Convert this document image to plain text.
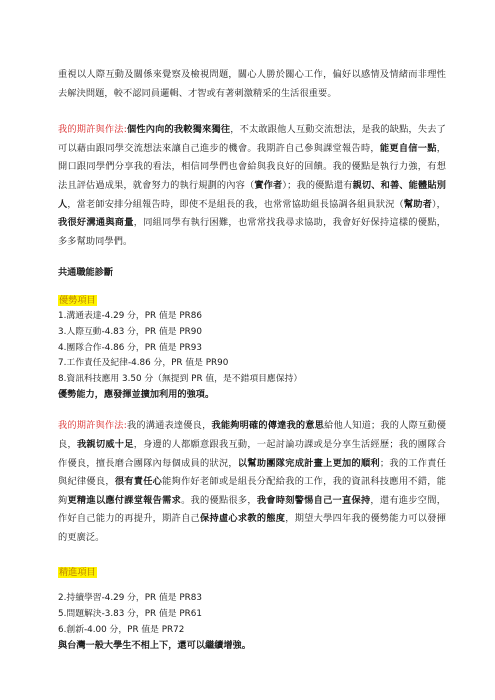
重視以人際互動及關係來覺察及檢視問題，關心人勝於關心工作，偏好以感情及情緒而非理性去解決問題，較不認同員邏輯、才智或有著刺激精采的生活很重要。

我的期許與作法:個性內向的我較獨來獨往，不太敢跟他人互動交流想法，是我的缺點，失去了可以藉由跟同學交流想法來讓自己進步的機會。我期許自己參與課堂報告時，能更自信一點，開口跟同學們分享我的看法，相信同學們也會給與我良好的回饋。我的優點是執行力強，有想法且評估過成果，就會努力的執行規劃的內容（實作者）；我的優點還有親切、和善、能體貼別人，當老師安排分組報告時，即使不是組長的我，也常常協助組長協調各組員狀況（幫助者），我很好溝通與商量，同組同學有執行困難，也常常找我尋求協助，我會好好保持這樣的優點，多多幫助同學們。

共通職能診斷

優勢項目

1.溝通表達-4.29 分，PR 值是 PR86
3.人際互動-4.83 分，PR 值是 PR90
4.團隊合作-4.86 分，PR 值是 PR93
7.工作責任及紀律-4.86 分，PR 值是 PR90
8.資訊科技應用 3.50 分（無提到 PR 值，是不錯項目應保持）

優勢能力，應發揮並擴加利用的強項。

我的期許與作法:我的溝通表達優良，我能夠明確的傳達我的意思給他人知道；我的人際互動優良，我親切威十足，身邊的人都願意跟我互動，一起討論功課或是分享生活經歷；我的團隊合作優良，擅長磨合團隊內每個成員的狀況，以幫助團隊完成計畫上更加的順利；我的工作責任與紀律優良，很有責任心能夠作好老師或是組長分配給我的工作，我的資訊科技應用不錯，能夠更精進以應付課堂報告需求。我的優點很多，我會時刻警惕自己一直保持，還有進步空間，作好自己能力的再提升，期許自己保持虛心求教的態度，期望大學四年我的優勢能力可以發揮的更廣泛。

精進項目

2.持續學習-4.29 分，PR 值是 PR83
5.問題解決-3.83 分，PR 值是 PR61
6.創新-4.00 分，PR 值是 PR72

與台灣一般大學生不相上下，還可以繼續增強。
